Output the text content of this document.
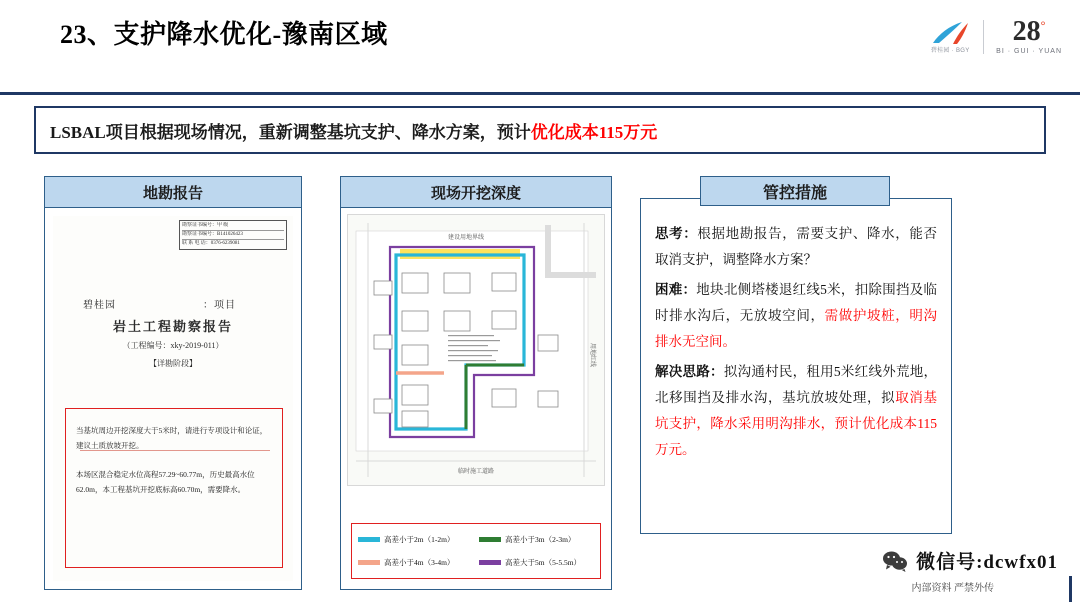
23、支护降水优化-豫南区域
碧桂园 · BGY
28°
BI · GUI · YUAN
LSBAL项目根据现场情况，重新调整基坑支护、降水方案，预计优化成本115万元
地勘报告
勘察证书编号：甲 级
勘察证书编号：B141026423
联 系 电 话：0376-6239081
碧桂园	：项目
岩土工程勘察报告
（工程编号：xky-2019-011）
【详勘阶段】

当基坑周边开挖深度大于5米时，请进行专项设计和论证，建议土质放坡开挖。

本场区混合稳定水位高程57.29~60.77m，历史最高水位62.0m，本工程基坑开挖底标高60.70m，需要降水。

现场开挖深度
建设用地界线
用地红线
临时施工道路
高差小于2m（1-2m）	高差小于3m（2-3m）
高差小于4m（3-4m）	高差大于5m（5-5.5m）
管控措施

思考：根据地勘报告，需要支护、降水，能否取消支护，调整降水方案？

困难：地块北侧塔楼退红线5米，扣除围挡及临时排水沟后，无放坡空间，需做护坡桩，明沟排水无空间。

解决思路：拟沟通村民，租用5米红线外荒地，北移围挡及排水沟，基坑放坡处理，拟取消基坑支护，降水采用明沟排水，预计优化成本115万元。

微信号:dcwfx01
内部资料 严禁外传
